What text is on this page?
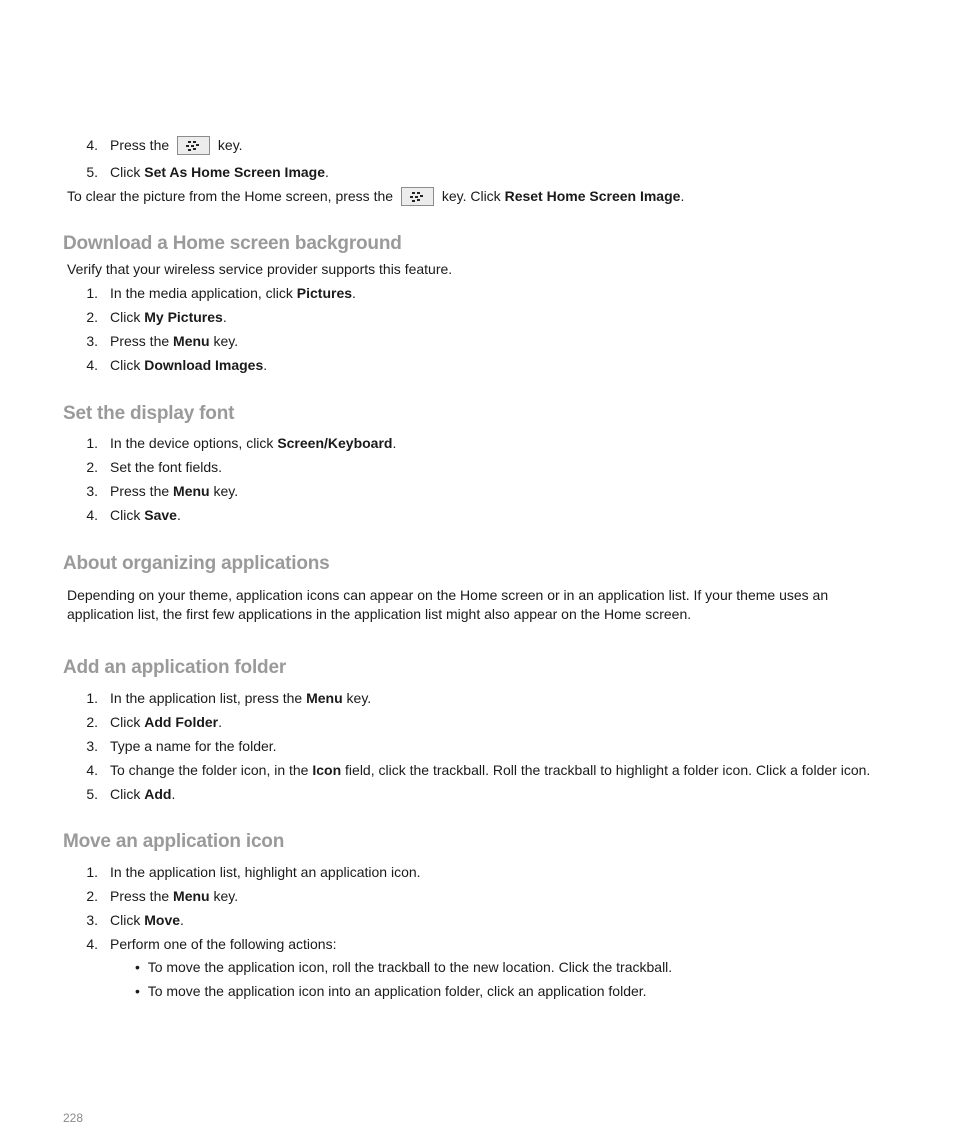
4. Press the	key.
5. Click Set As Home Screen Image.
To clear the picture from the Home screen, press the	key. Click Reset Home Screen Image.
Download a Home screen background
Verify that your wireless service provider supports this feature.
1. In the media application, click Pictures.
2. Click My Pictures.
3. Press the Menu key.
4. Click Download Images.
Set the display font
1. In the device options, click Screen/Keyboard.
2. Set the font fields.
3. Press the Menu key.
4. Click Save.
About organizing applications
Depending on your theme, application icons can appear on the Home screen or in an application list. If your theme uses an application list, the first few applications in the application list might also appear on the Home screen.
Add an application folder
1. In the application list, press the Menu key.
2. Click Add Folder.
3. Type a name for the folder.
4. To change the folder icon, in the Icon field, click the trackball. Roll the trackball to highlight a folder icon. Click a folder icon.
5. Click Add.
Move an application icon
1. In the application list, highlight an application icon.
2. Press the Menu key.
3. Click Move.
4. Perform one of the following actions:
• To move the application icon, roll the trackball to the new location. Click the trackball.
• To move the application icon into an application folder, click an application folder.
228
